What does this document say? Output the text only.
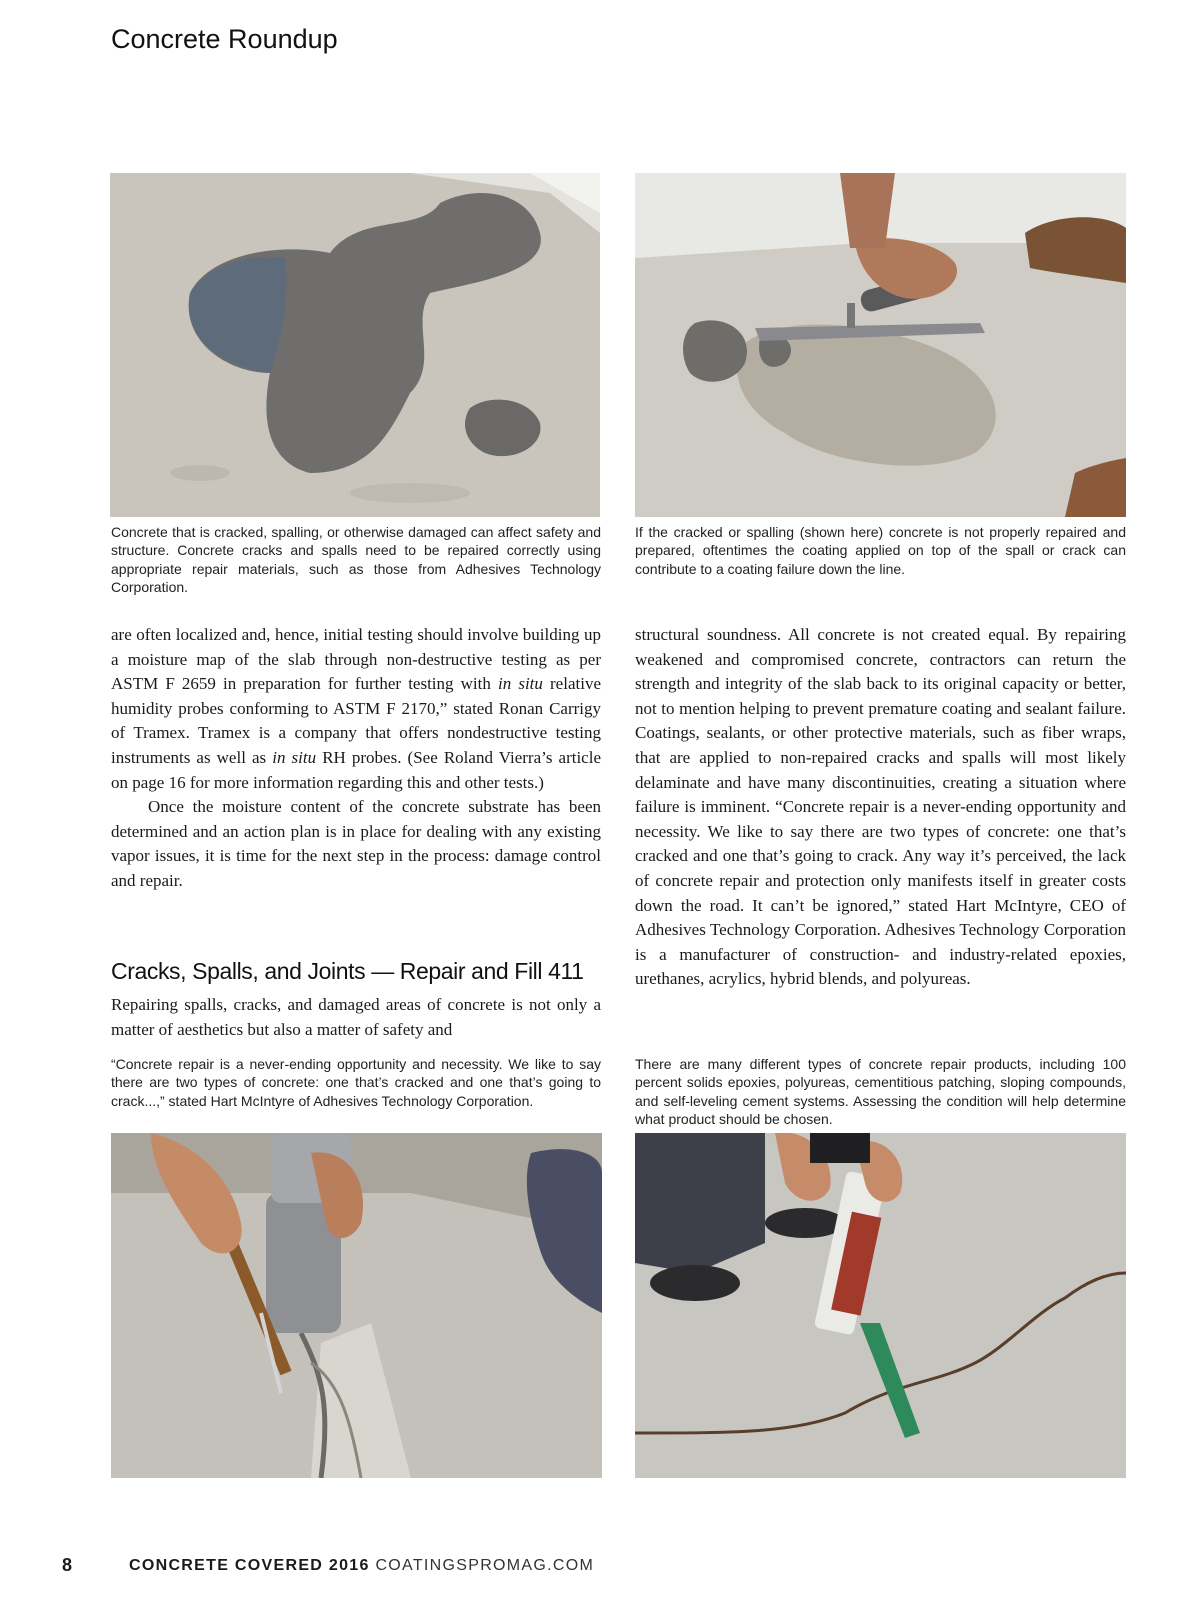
Concrete Roundup
Concrete that is cracked, spalling, or otherwise damaged can affect safety and structure. Concrete cracks and spalls need to be repaired correctly using appropriate repair materials, such as those from Adhesives Technology Corporation.
If the cracked or spalling (shown here) concrete is not properly repaired and prepared, oftentimes the coating applied on top of the spall or crack can contribute to a coating failure down the line.

are often localized and, hence, initial testing should involve building up a moisture map of the slab through non-destructive testing as per ASTM F 2659 in preparation for further testing with in situ relative humidity probes conforming to ASTM F 2170,” stated Ronan Carrigy of Tramex. Tramex is a company that offers nondestructive testing instruments as well as in situ RH probes. (See Roland Vierra’s article on page 16 for more information regarding this and other tests.)

Once the moisture content of the concrete substrate has been determined and an action plan is in place for dealing with any existing vapor issues, it is time for the next step in the process: damage control and repair.

Cracks, Spalls, and Joints — Repair and Fill 411

Repairing spalls, cracks, and damaged areas of concrete is not only a matter of aesthetics but also a matter of safety and

structural soundness. All concrete is not created equal. By repairing weakened and compromised concrete, contractors can return the strength and integrity of the slab back to its original capacity or better, not to mention helping to prevent premature coating and sealant failure. Coatings, sealants, or other protective materials, such as fiber wraps, that are applied to non-repaired cracks and spalls will most likely delaminate and have many discontinuities, creating a situation where failure is imminent. “Concrete repair is a never-ending opportunity and necessity. We like to say there are two types of concrete: one that’s cracked and one that’s going to crack. Any way it’s perceived, the lack of concrete repair and protection only manifests itself in greater costs down the road. It can’t be ignored,” stated Hart McIntyre, CEO of Adhesives Technology Corporation. Adhesives Technology Corporation is a manufacturer of construction- and industry-related epoxies, urethanes, acrylics, hybrid blends, and polyureas.

“Concrete repair is a never-ending opportunity and necessity. We like to say there are two types of concrete: one that’s cracked and one that’s going to crack...,” stated Hart McIntyre of Adhesives Technology Corporation.
There are many different types of concrete repair products, including 100 percent solids epoxies, polyureas, cementitious patching, sloping compounds, and self-leveling cement systems. Assessing the condition will help determine what product should be chosen.
8	CONCRETE COVERED 2016 COATINGSPROMAG.COM
